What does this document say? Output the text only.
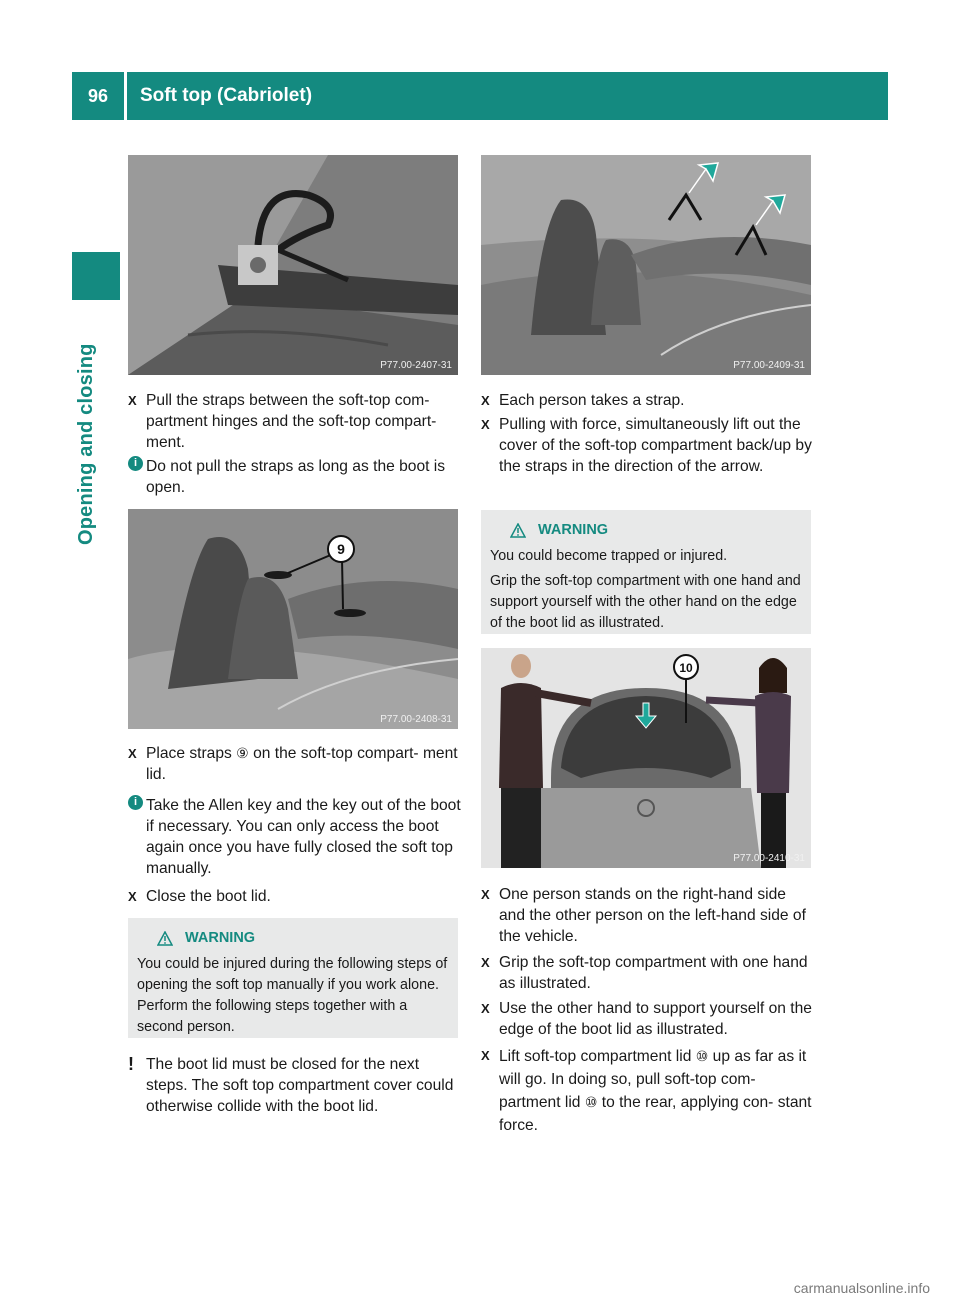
96	Soft top (Cabriolet)
Opening and closing	P77.00-2407-31
X Pull the straps between the soft-top com- partment hinges and the soft-top compart- ment.
i Do not pull the straps as long as the boot is open.
9
P77.00-2408-31
X Place straps ⑨ on the soft-top compart- ment lid.
i Take the Allen key and the key out of the boot if necessary. You can only access the boot again once you have fully closed the soft top manually.
X Close the boot lid.
WARNING

You could be injured during the following steps of opening the soft top manually if you work alone. Perform the following steps together with a second person.

! The boot lid must be closed for the next steps. The soft top compartment cover could otherwise collide with the boot lid.
P77.00-2409-31
X Each person takes a strap.
X Pulling with force, simultaneously lift out the cover of the soft-top compartment back/up by the straps in the direction of the arrow.
WARNING

You could become trapped or injured.

Grip the soft-top compartment with one hand and support yourself with the other hand on the edge of the boot lid as illustrated.

10
P77.00-2410-31
X One person stands on the right-hand side and the other person on the left-hand side of the vehicle.
X Grip the soft-top compartment with one hand as illustrated.
X Use the other hand to support yourself on the edge of the boot lid as illustrated.
X Lift soft-top compartment lid ⑩ up as far as it will go. In doing so, pull soft-top com- partment lid ⑩ to the rear, applying con- stant force.
carmanualsonline.info
